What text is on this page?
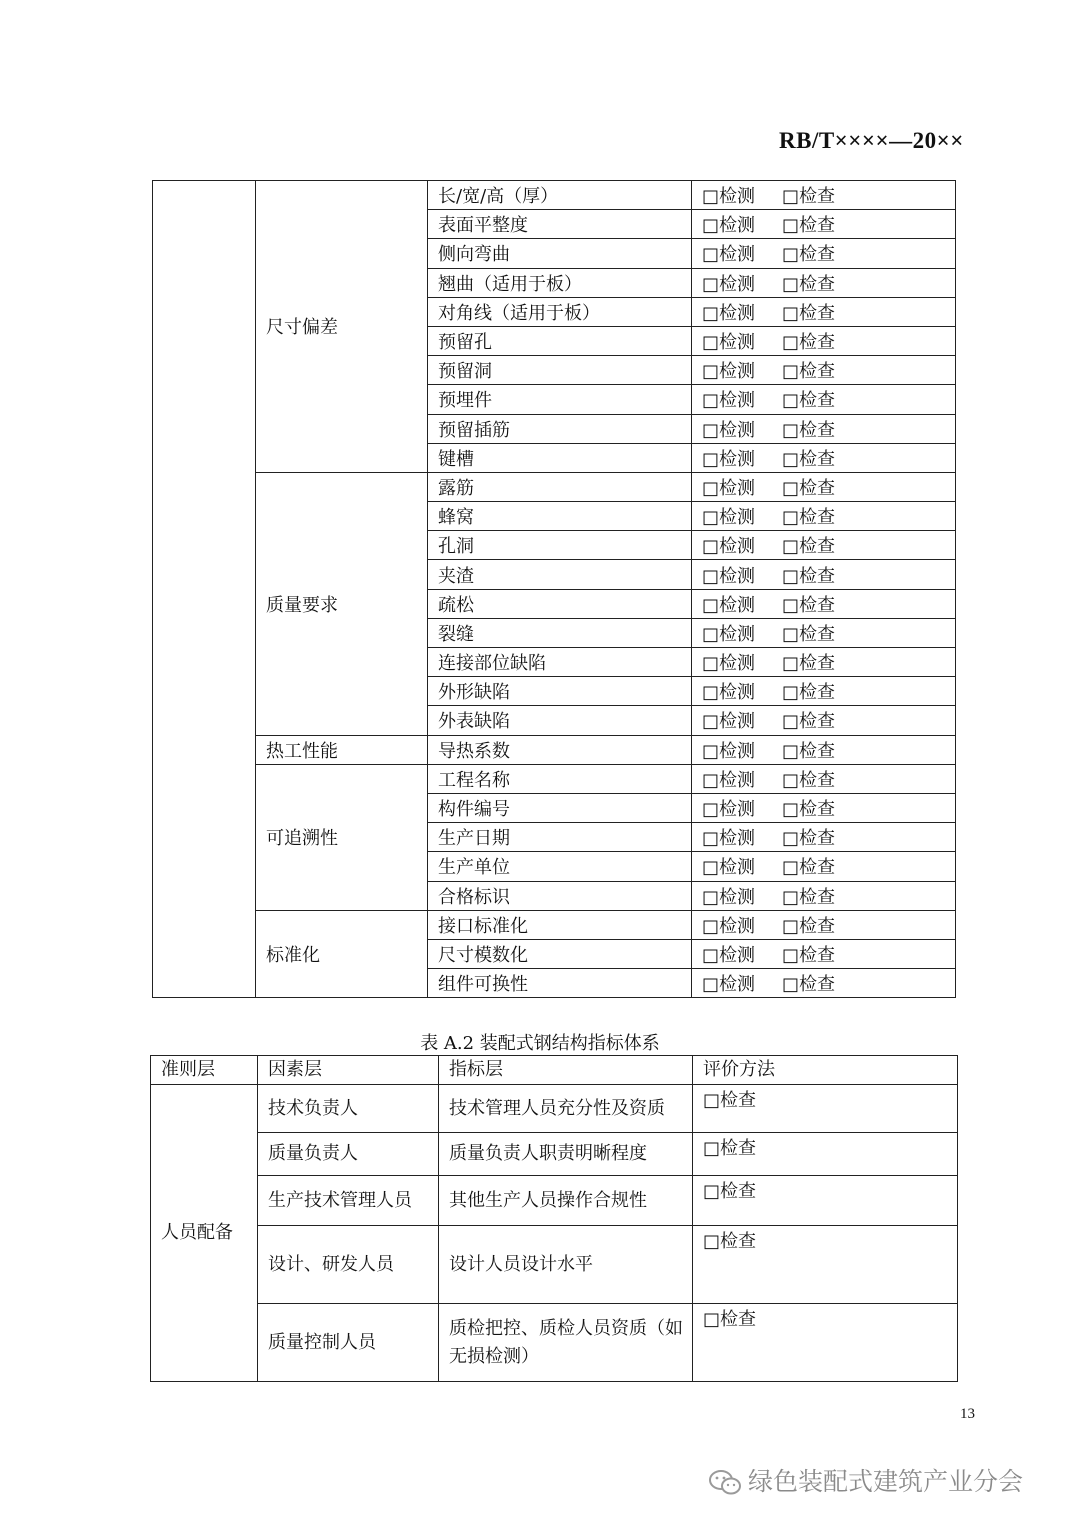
RB/T××××—20××
	尺寸偏差	长/宽/高（厚）	□检测 □检查
		表面平整度	□检测 □检查
		侧向弯曲	□检测 □检查
		翘曲（适用于板）	□检测 □检查
		对角线（适用于板）	□检测 □检查
		预留孔	□检测 □检查
		预留洞	□检测 □检查
		预埋件	□检测 □检查
		预留插筋	□检测 □检查
		键槽	□检测 □检查
	质量要求	露筋	□检测 □检查
		蜂窝	□检测 □检查
		孔洞	□检测 □检查
		夹渣	□检测 □检查
		疏松	□检测 □检查
		裂缝	□检测 □检查
		连接部位缺陷	□检测 □检查
		外形缺陷	□检测 □检查
		外表缺陷	□检测 □检查
	热工性能	导热系数	□检测 □检查
	可追溯性	工程名称	□检测 □检查
		构件编号	□检测 □检查
		生产日期	□检测 □检查
		生产单位	□检测 □检查
		合格标识	□检测 □检查
	标准化	接口标准化	□检测 □检查
		尺寸模数化	□检测 □检查
		组件可换性	□检测 □检查
表 A.2 装配式钢结构指标体系
准则层	因素层	指标层	评价方法
人员配备	技术负责人	技术管理人员充分性及资质	□检查
	质量负责人	质量负责人职责明晰程度	□检查
	生产技术管理人员	其他生产人员操作合规性	□检查
	设计、研发人员	设计人员设计水平	□检查
	质量控制人员	质检把控、质检人员资质（如无损检测）	□检查
13
绿色装配式建筑产业分会
